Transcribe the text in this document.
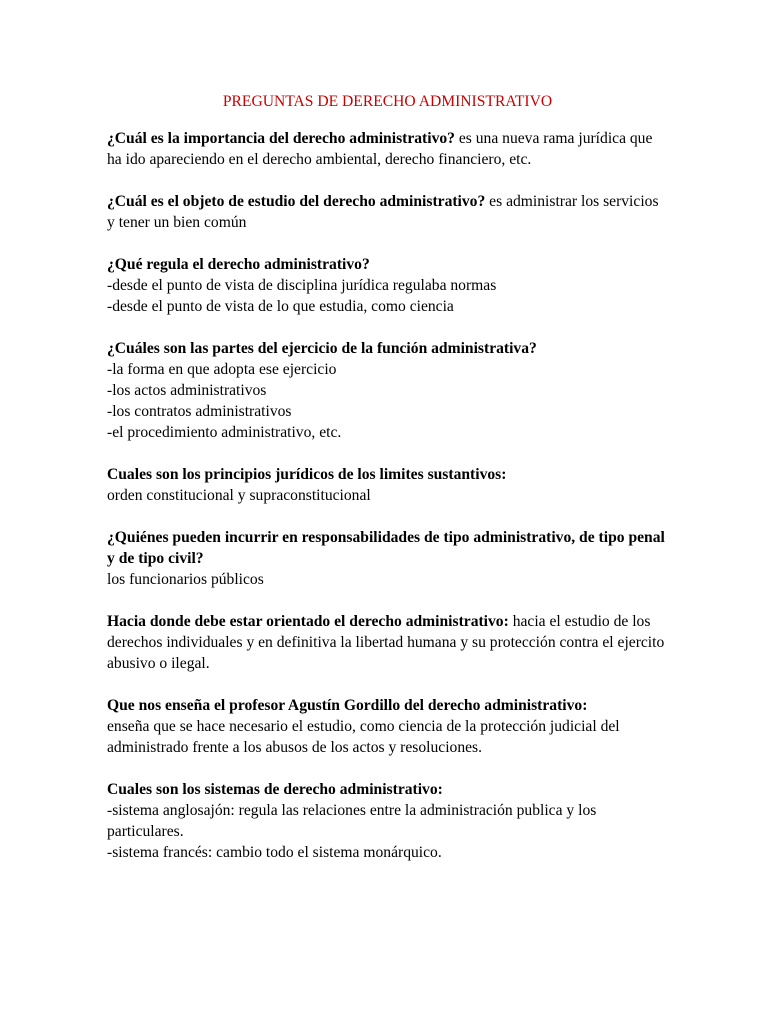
PREGUNTAS DE DERECHO ADMINISTRATIVO
¿Cuál es la importancia del derecho administrativo? es una nueva rama jurídica que ha ido apareciendo en el derecho ambiental, derecho financiero, etc.
¿Cuál es el objeto de estudio del derecho administrativo? es administrar los servicios y tener un bien común
¿Qué regula el derecho administrativo?
-desde el punto de vista de disciplina jurídica regulaba normas
-desde el punto de vista de lo que estudia, como ciencia
¿Cuáles son las partes del ejercicio de la función administrativa?
-la forma en que adopta ese ejercicio
-los actos administrativos
-los contratos administrativos
-el procedimiento administrativo, etc.
Cuales son los principios jurídicos de los limites sustantivos:
orden constitucional y supraconstitucional
¿Quiénes pueden incurrir en responsabilidades de tipo administrativo, de tipo penal y de tipo civil?
los funcionarios públicos
Hacia donde debe estar orientado el derecho administrativo: hacia el estudio de los derechos individuales y en definitiva la libertad humana y su protección contra el ejercito abusivo o ilegal.
Que nos enseña el profesor Agustín Gordillo del derecho administrativo:
enseña que se hace necesario el estudio, como ciencia de la protección judicial del administrado frente a los abusos de los actos y resoluciones.
Cuales son los sistemas de derecho administrativo:
-sistema anglosajón: regula las relaciones entre la administración publica y los particulares.
-sistema francés: cambio todo el sistema monárquico.
